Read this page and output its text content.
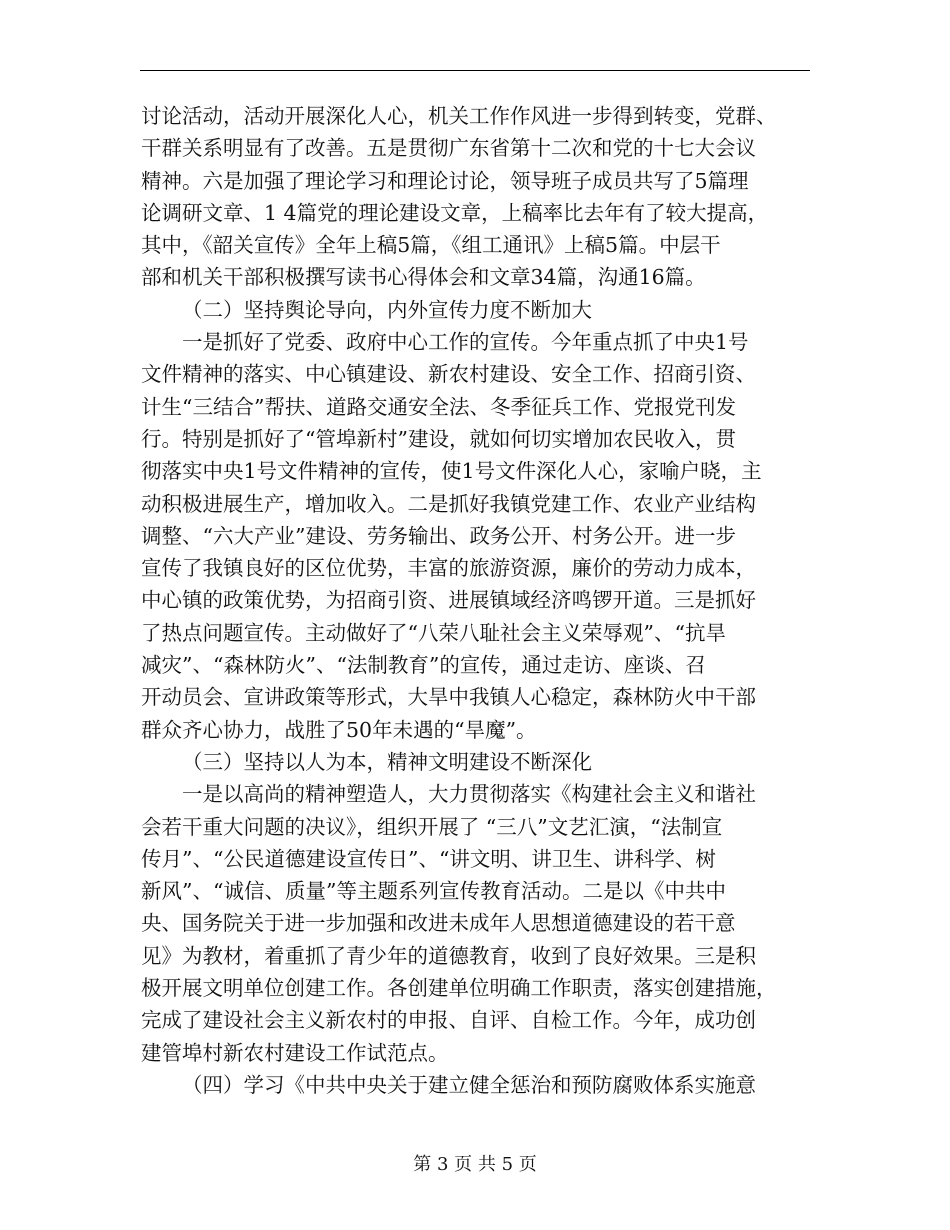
讨论活动，活动开展深化人心，机关工作作风进一步得到转变，党群、
干群关系明显有了改善。五是贯彻广东省第十二次和党的十七大会议
精神。六是加强了理论学习和理论讨论，领导班子成员共写了5篇理
论调研文章、1 4篇党的理论建设文章，上稿率比去年有了较大提高，
其中，《韶关宣传》全年上稿5篇，《组工通讯》上稿5篇。中层干
部和机关干部积极撰写读书心得体会和文章34篇，沟通16篇。
（二）坚持舆论导向，内外宣传力度不断加大
一是抓好了党委、政府中心工作的宣传。今年重点抓了中央1号
文件精神的落实、中心镇建设、新农村建设、安全工作、招商引资、
计生“三结合”帮扶、道路交通安全法、冬季征兵工作、党报党刊发
行。特别是抓好了“管埠新村”建设，就如何切实增加农民收入，贯
彻落实中央1号文件精神的宣传，使1号文件深化人心，家喻户晓，主
动积极进展生产，增加收入。二是抓好我镇党建工作、农业产业结构
调整、“六大产业”建设、劳务输出、政务公开、村务公开。进一步
宣传了我镇良好的区位优势，丰富的旅游资源，廉价的劳动力成本，
中心镇的政策优势，为招商引资、进展镇域经济鸣锣开道。三是抓好
了热点问题宣传。主动做好了“八荣八耻社会主义荣辱观”、“抗旱
减灾”、“森林防火”、“法制教育”的宣传，通过走访、座谈、召
开动员会、宣讲政策等形式，大旱中我镇人心稳定，森林防火中干部
群众齐心协力，战胜了50年未遇的“旱魔”。
（三）坚持以人为本，精神文明建设不断深化
一是以高尚的精神塑造人，大力贯彻落实《构建社会主义和谐社
会若干重大问题的决议》，组织开展了 “三八”文艺汇演，“法制宣
传月”、“公民道德建设宣传日”、“讲文明、讲卫生、讲科学、树
新风”、“诚信、质量”等主题系列宣传教育活动。二是以《中共中
央、国务院关于进一步加强和改进未成年人思想道德建设的若干意
见》为教材，着重抓了青少年的道德教育，收到了良好效果。三是积
极开展文明单位创建工作。各创建单位明确工作职责，落实创建措施，
完成了建设社会主义新农村的申报、自评、自检工作。今年，成功创
建管埠村新农村建设工作试范点。
（四）学习《中共中央关于建立健全惩治和预防腐败体系实施意
第 3 页 共 5 页
